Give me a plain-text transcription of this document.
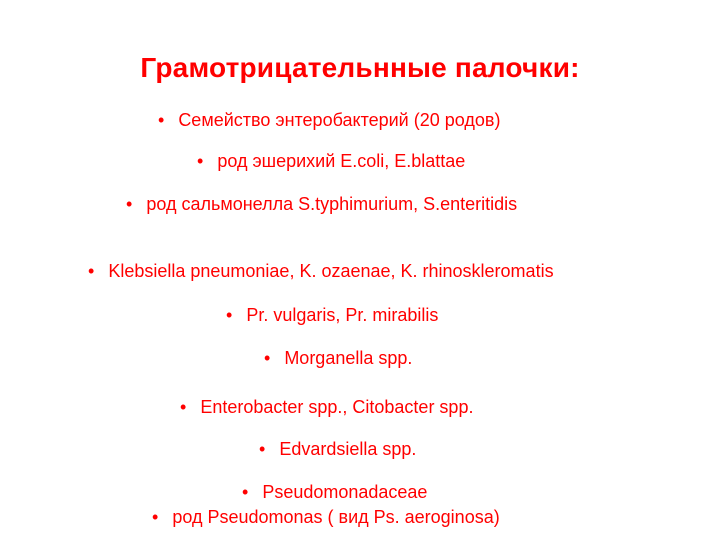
Грамотрицательнные палочки:
• Семейство энтеробактерий (20 родов)
• род эшерихий E.coli, E.blattae
• род сальмонелла S.typhimurium, S.enteritidis
• Klebsiella pneumoniae, K. ozaenae, K. rhinoskleromatis
• Pr. vulgaris, Pr. mirabilis
• Morganella spp.
• Enterobacter spp., Citobacter spp.
• Edvardsiella spp.
• Pseudomonadaceae
• род Pseudomonas ( вид Ps. aeroginosa)
